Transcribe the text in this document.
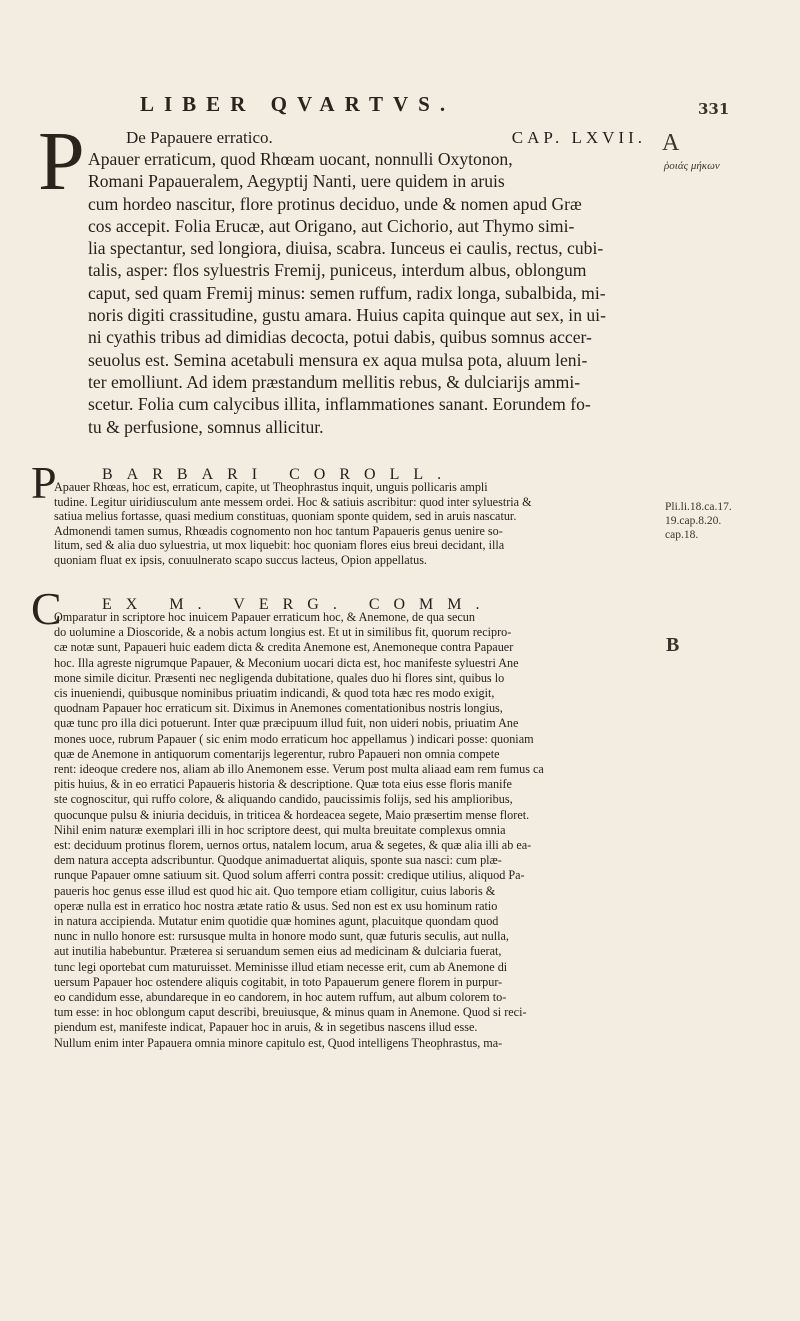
LIBER QVARTVS.	331
P De Papauere erratico.	CAP. LXVII.
Apauer erraticum, quod Rhœam uocant, nonnulli Oxytonon,
Romani Papaueralem, Aegyptij Nanti, uere quidem in aruis
cum hordeo nascitur, flore protinus deciduo, unde & nomen apud Græ
cos accepit. Folia Erucæ, aut Origano, aut Cichorio, aut Thymo simi-
lia spectantur, sed longiora, diuisa, scabra. Iunceus ei caulis, rectus, cubi-
talis, asper: flos syluestris Fremij, puniceus, interdum albus, oblongum
caput, sed quam Fremij minus: semen ruffum, radix longa, subalbida, mi-
noris digiti crassitudine, gustu amara. Huius capita quinque aut sex, in ui-
ni cyathis tribus ad dimidias decocta, potui dabis, quibus somnus accer-
seuolus est. Semina acetabuli mensura ex aqua mulsa pota, aluum leni-
ter emolliunt. Ad idem præstandum mellitis rebus, & dulciarijs ammi-
scetur. Folia cum calycibus illita, inflammationes sanant. Eorundem fo-
tu & perfusione, somnus allicitur.
P	BARBARI COROLL.
Apauer Rhœas, hoc est, erraticum, capite, ut Theophrastus inquit, unguis pollicaris ampli
tudine. Legitur uiridiusculum ante messem ordei. Hoc & satiuis ascribitur: quod inter syluestria &
satiua melius fortasse, quasi medium constituas, quoniam sponte quidem, sed in aruis nascatur.
Admonendi tamen sumus, Rhœadis cognomento non hoc tantum Papaueris genus uenire so-
litum, sed & alia duo syluestria, ut mox liquebit: hoc quoniam flores eius breui decidant, illa
quoniam fluat ex ipsis, conuulnerato scapo succus lacteus, Opion appellatus.
C	EX M. VERG. COMM.
Omparatur in scriptore hoc inuicem Papauer erraticum hoc, & Anemone, de qua secun
do uolumine a Dioscoride, & a nobis actum longius est. Et ut in similibus fit, quorum recipro-
cæ notæ sunt, Papaueri huic eadem dicta & credita Anemone est, Anemoneque contra Papauer
hoc. Illa agreste nigrumque Papauer, & Meconium uocari dicta est, hoc manifeste syluestri Ane
mone simile dicitur. Præsenti nec negligenda dubitatione, quales duo hi flores sint, quibus lo
cis inueniendi, quibusque nominibus priuatim indicandi, & quod tota hæc res modo exigit,
quodnam Papauer hoc erraticum sit. Diximus in Anemones comentationibus nostris longius,
quæ tunc pro illa dici potuerunt. Inter quæ præcipuum illud fuit, non uideri nobis, priuatim Ane
mones uoce, rubrum Papauer ( sic enim modo erraticum hoc appellamus ) indicari posse: quoniam
quæ de Anemone in antiquorum comentarijs legerentur, rubro Papaueri non omnia compete
rent: ideoque credere nos, aliam ab illo Anemonem esse. Verum post multa aliaad eam rem fumus ca
pitis huius, & in eo erratici Papaueris historia & descriptione. Quæ tota eius esse floris manife
ste cognoscitur, qui ruffo colore, & aliquando candido, paucissimis folijs, sed his amplioribus,
quocunque pulsu & iniuria deciduis, in triticea & hordeacea segete, Maio præsertim mense floret.
Nihil enim naturæ exemplari illi in hoc scriptore deest, qui multa breuitate complexus omnia
est: deciduum protinus florem, uernos ortus, natalem locum, arua & segetes, & quæ alia illi ab ea-
dem natura accepta adscribuntur. Quodque animaduertat aliquis, sponte sua nasci: cum plæ-
runque Papauer omne satiuum sit. Quod solum afferri contra possit: credique utilius, aliquod Pa-
paueris hoc genus esse illud est quod hic ait. Quo tempore etiam colligitur, cuius laboris &
operæ nulla est in erratico hoc nostra ætate ratio & usus. Sed non est ex usu hominum ratio
in natura accipienda. Mutatur enim quotidie quæ homines agunt, placuitque quondam quod
nunc in nullo honore est: rursusque multa in honore modo sunt, quæ futuris seculis, aut nulla,
aut inutilia habebuntur. Præterea si seruandum semen eius ad medicinam & dulciaria fuerat,
tunc legi oportebat cum maturuisset. Meminisse illud etiam necesse erit, cum ab Anemone di
uersum Papauer hoc ostendere aliquis cogitabit, in toto Papauerum genere florem in purpur-
eo candidum esse, abundareque in eo candorem, in hoc autem ruffum, aut album colorem to-
tum esse: in hoc oblongum caput describi, breuiusque, & minus quam in Anemone. Quod si reci-
piendum est, manifeste indicat, Papauer hoc in aruis, & in segetibus nascens illud esse.
Nullum enim inter Papauera omnia minore capitulo est, Quod intelligens Theophrastus, ma-
A
ῥοιάς μήκων
Pli.li.18.ca.17.
19.cap.8.20.
cap.18.
B
